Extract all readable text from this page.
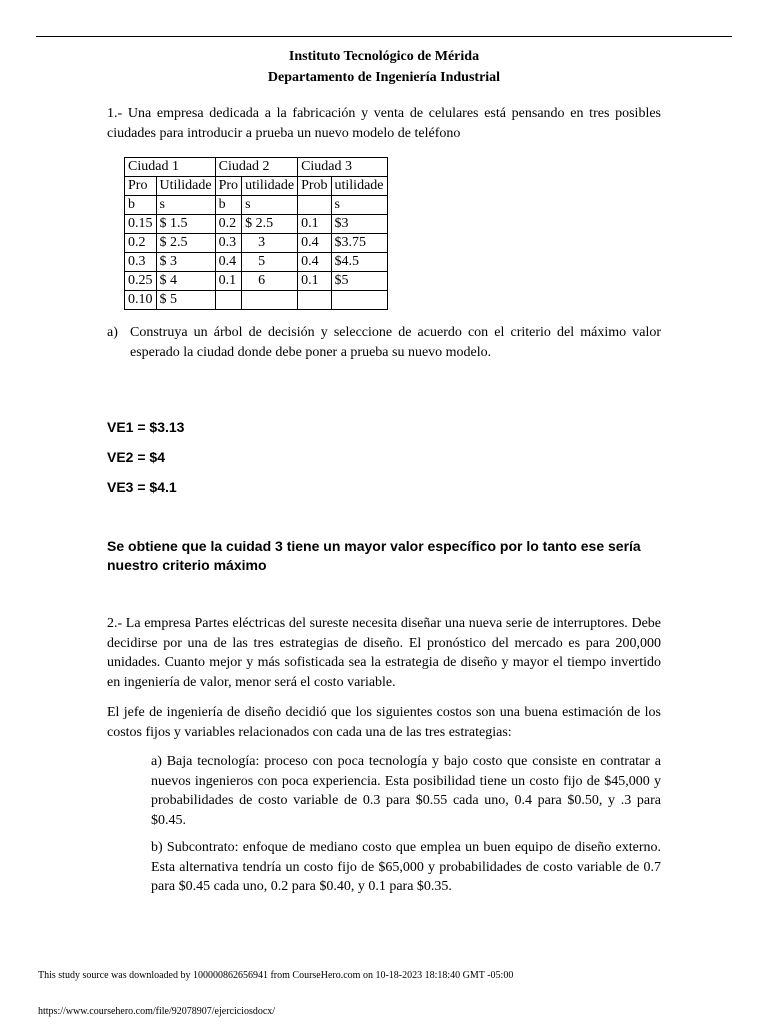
Instituto Tecnológico de Mérida
Departamento de Ingeniería Industrial
1.- Una empresa dedicada a la fabricación y venta de celulares está pensando en tres posibles ciudades para introducir a prueba un nuevo modelo de teléfono
Ciudad 1		Ciudad 2		Ciudad 3	
Pro	Utilidade	Pro	utilidade	Prob	utilidade
b	s	b	s		s
0.15	$ 1.5	0.2	$ 2.5	0.1	$3
0.2	$ 2.5	0.3	3	0.4	$3.75
0.3	$ 3	0.4	5	0.4	$4.5
0.25	$ 4	0.1	6	0.1	$5
0.10	$ 5				
a) Construya un árbol de decisión y seleccione de acuerdo con el criterio del máximo valor esperado la ciudad donde debe poner a prueba su nuevo modelo.
VE1 = $3.13
VE2 = $4
VE3 = $4.1
Se obtiene que la cuidad 3 tiene un mayor valor específico por lo tanto ese sería nuestro criterio máximo
2.- La empresa Partes eléctricas del sureste necesita diseñar una nueva serie de interruptores. Debe decidirse por una de las tres estrategias de diseño. El pronóstico del mercado es para 200,000 unidades. Cuanto mejor y más sofisticada sea la estrategia de diseño y mayor el tiempo invertido en ingeniería de valor, menor será el costo variable.
El jefe de ingeniería de diseño decidió que los siguientes costos son una buena estimación de los costos fijos y variables relacionados con cada una de las tres estrategias:
a) Baja tecnología: proceso con poca tecnología y bajo costo que consiste en contratar a nuevos ingenieros con poca experiencia. Esta posibilidad tiene un costo fijo de $45,000 y probabilidades de costo variable de 0.3 para $0.55 cada uno, 0.4 para $0.50, y .3 para $0.45.
b) Subcontrato: enfoque de mediano costo que emplea un buen equipo de diseño externo. Esta alternativa tendría un costo fijo de $65,000 y probabilidades de costo variable de 0.7 para $0.45 cada uno, 0.2 para $0.40, y 0.1 para $0.35.
This study source was downloaded by 100000862656941 from CourseHero.com on 10-18-2023 18:18:40 GMT -05:00
https://www.coursehero.com/file/92078907/ejerciciosdocx/
